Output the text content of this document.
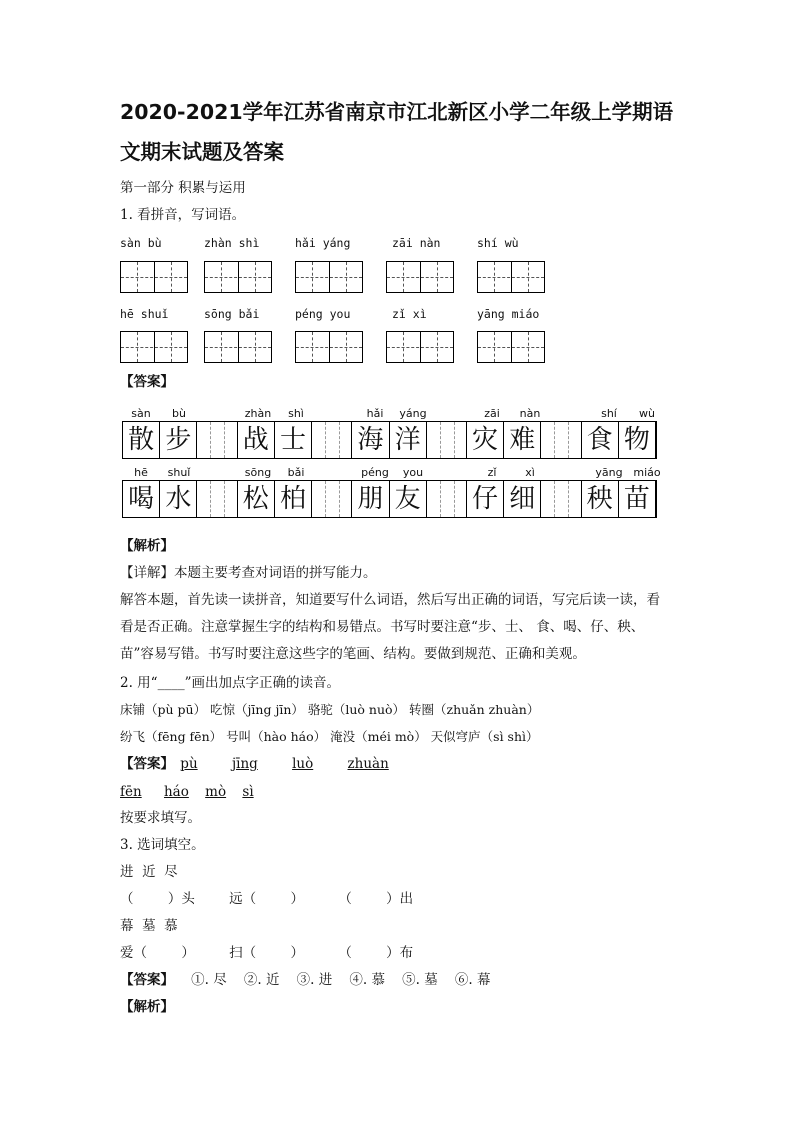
2020-2021学年江苏省南京市江北新区小学二年级上学期语
文期末试题及答案
第一部分 积累与运用
1. 看拼音，写词语。
sàn bù	zhàn shì	hǎi yáng	zāi nàn	shí wù
hē shuǐ	sōng bǎi	péng you	zǐ xì	yāng miáo
【答案】
sàn	bù	zhàn	shì	hǎi	yáng	zāi	nàn	shí	wù
散 步 战 士 海 洋 灾 难 食 物
hē	shuǐ	sōng	bǎi	péng	you	zǐ	xì	yāng miáo
喝 水 松 柏 朋 友 仔 细 秧 苗
【解析】
【详解】本题主要考查对词语的拼写能力。
解答本题，首先读一读拼音，知道要写什么词语，然后写出正确的词语，写完后读一读，看
看是否正确。注意掌握生字的结构和易错点。书写时要注意“步、士、 食、喝、仔、秧、
苗”容易写错。书写时要注意这些字的笔画、结构。要做到规范、正确和美观。
2. 用“____”画出加点字正确的读音。
床铺（pù pū） 吃惊（jīng jīn） 骆驼（luò nuò） 转圈（zhuǎn zhuàn）
纷飞（fēng fēn） 号叫（hào háo） 淹没（méi mò） 天似穹庐（sì shì）
【答案】 pù	jīng	luò	zhuàn
fēn háo mò sì
按要求填写。
3. 选词填空。
进  近  尽
（        ）头        远（        ）        （        ）出
幕  墓  慕
爱（        ）        扫（        ）        （        ）布
【答案】 ①. 尽    ②. 近    ③. 进    ④. 慕    ⑤. 墓    ⑥. 幕
【解析】
